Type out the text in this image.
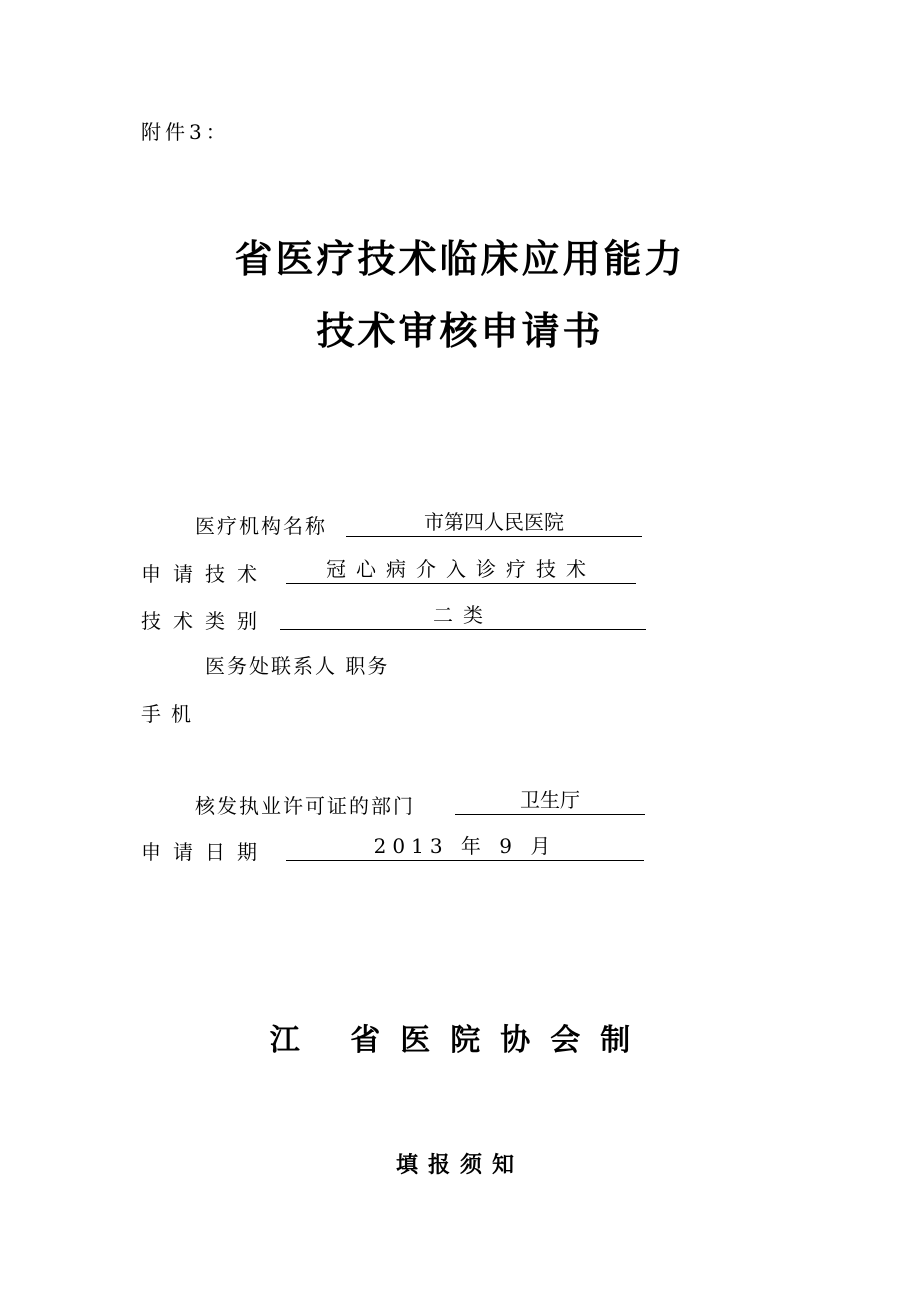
附件3：
省医疗技术临床应用能力
技术审核申请书
医疗机构名称	市第四人民医院
申请技术	冠心病介入诊疗技术
技术类别	二类
医务处联系人 职务
手机
核发执业许可证的部门	卫生厅
申请日期	2013 年 9 月
江 省医院协会制
填报须知
